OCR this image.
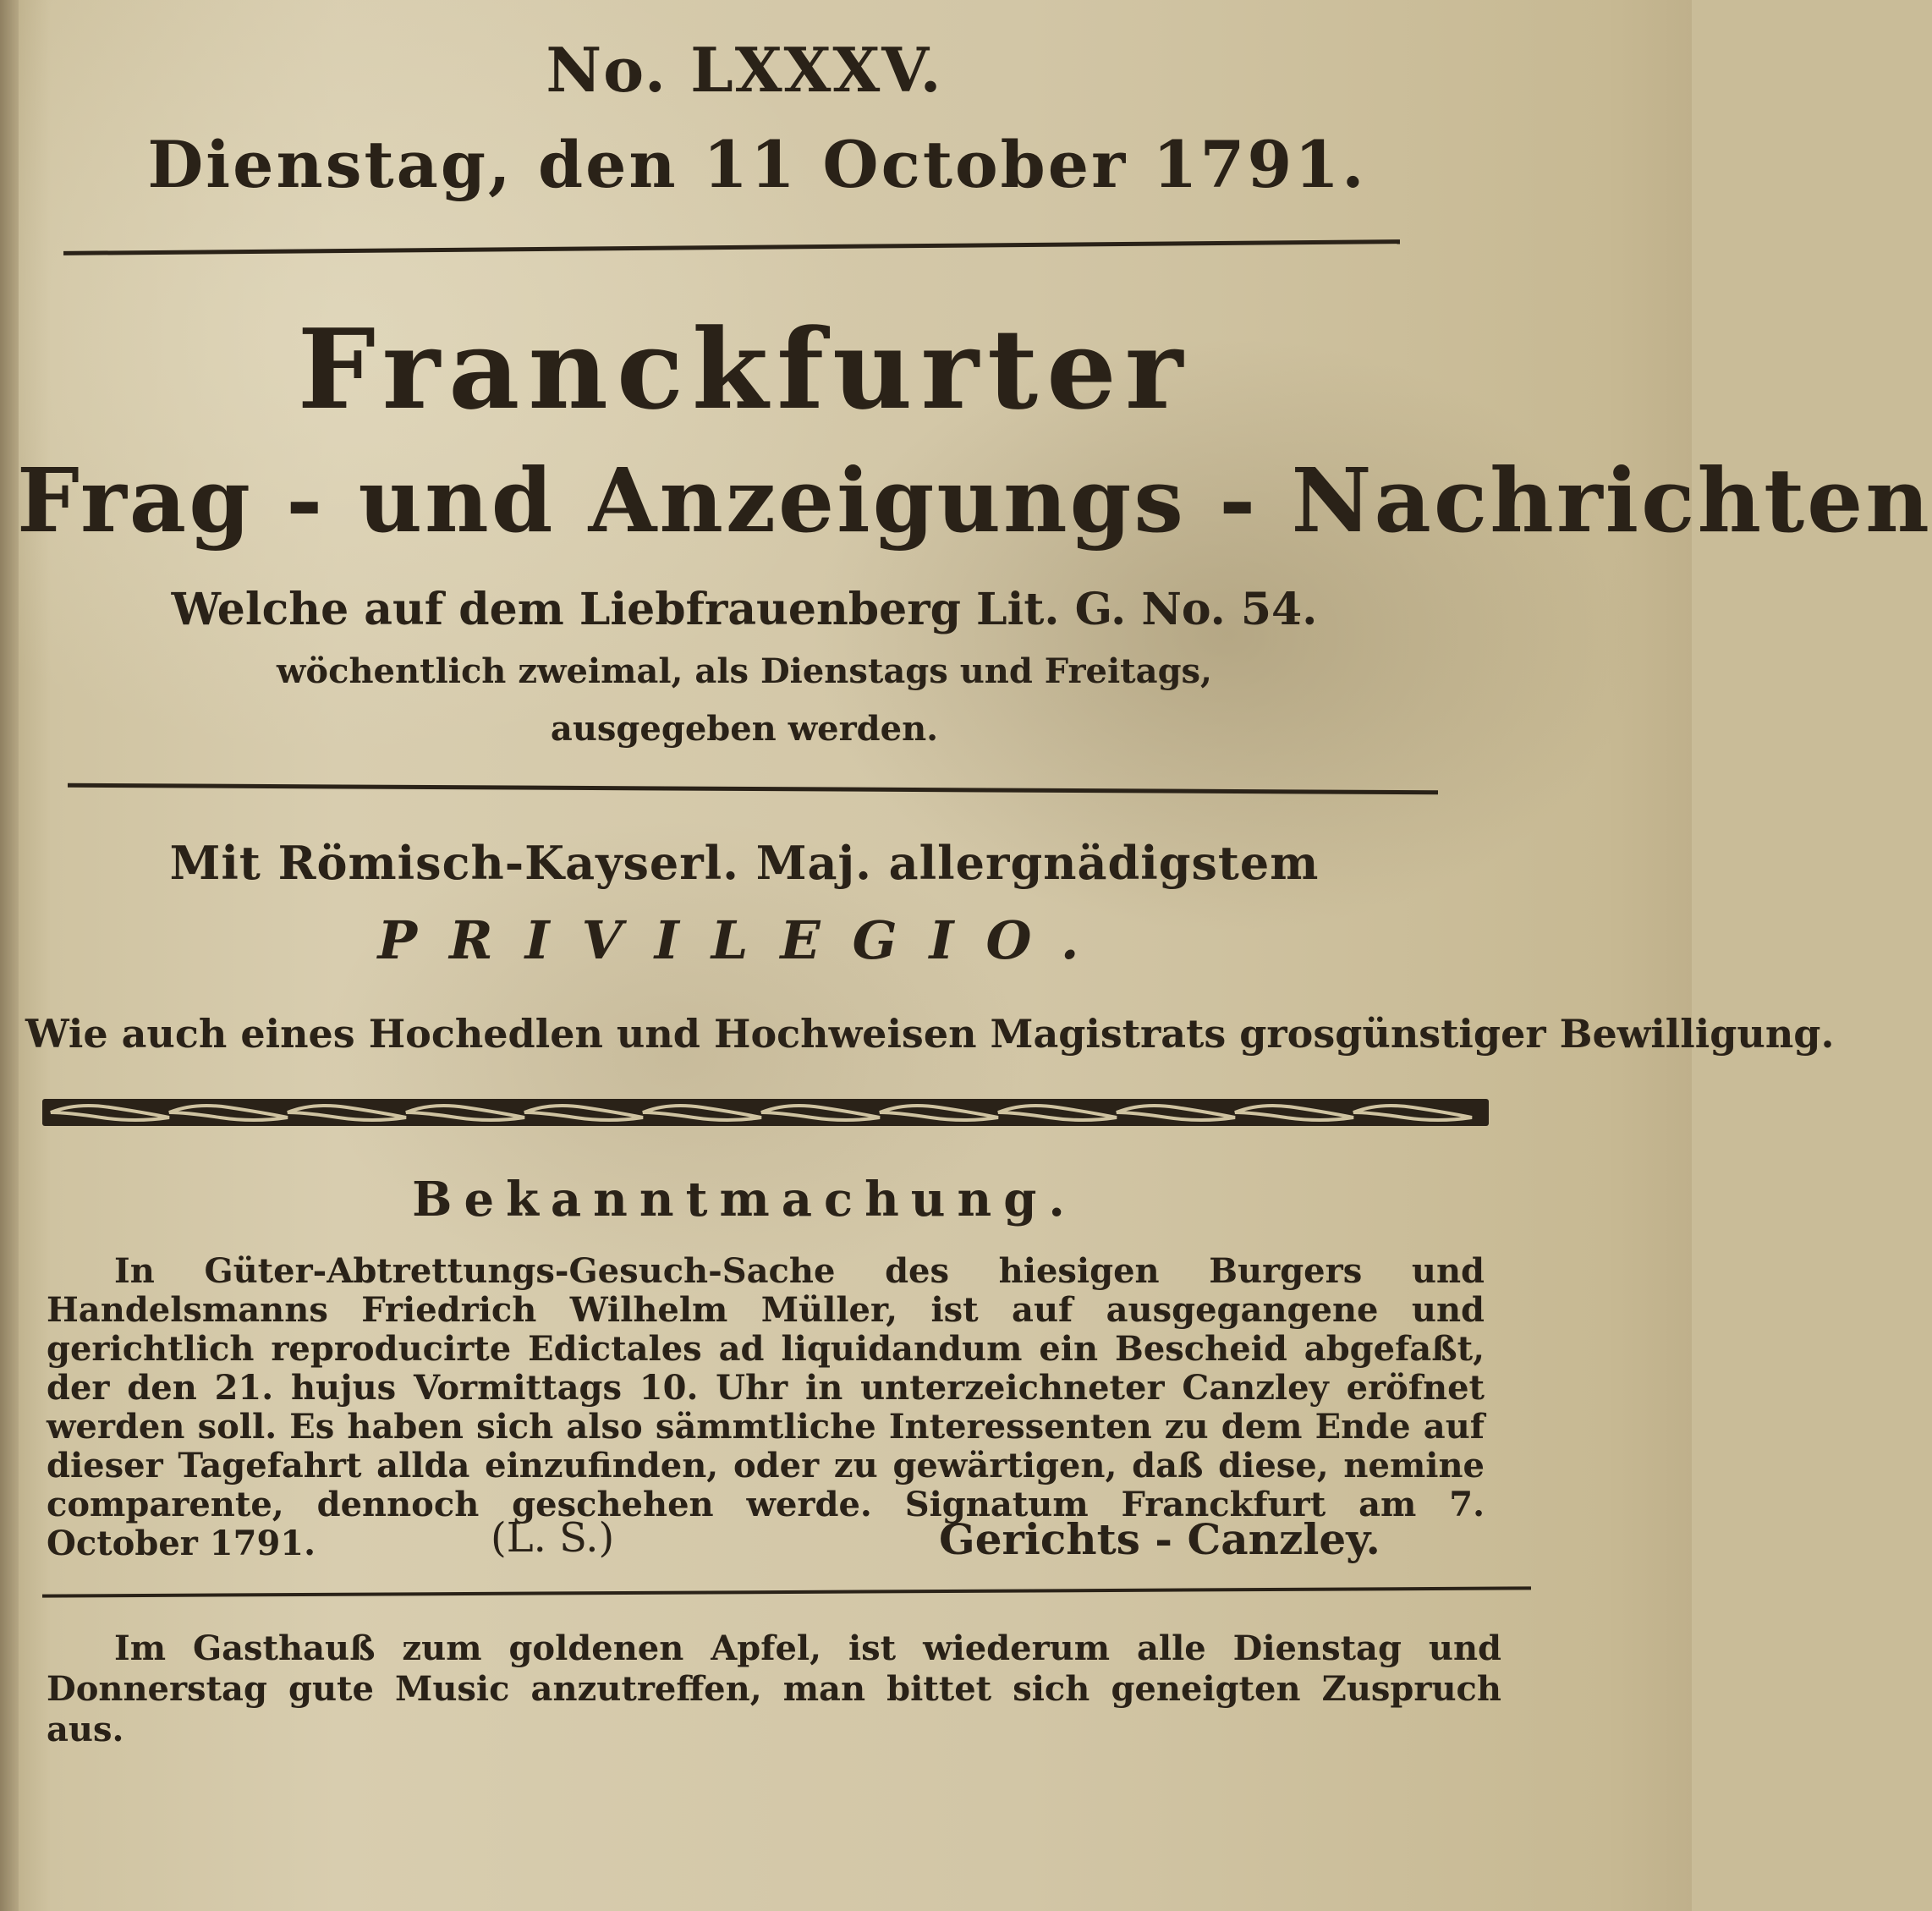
No. LXXXV.
Dienstag, den 11 October 1791.
Franckfurter
Frag - und Anzeigungs - Nachrichten
Welche auf dem Liebfrauenberg Lit. G. No. 54.
wöchentlich zweimal, als Dienstags und Freitags,
ausgegeben werden.
Mit Römisch-Kayserl. Maj. allergnädigstem
PRIVILEGIO.
Wie auch eines Hochedlen und Hochweisen Magistrats grosgünstiger Bewilligung.
Bekanntmachung.
In Güter-Abtrettungs-Gesuch-Sache des hiesigen Burgers und Handelsmanns Friedrich Wilhelm Müller, ist auf ausgegangene und gerichtlich reproducirte Edictales ad liquidandum ein Bescheid abgefaßt, der den 21. hujus Vormittags 10. Uhr in unterzeichneter Canzley eröfnet werden soll. Es haben sich also sämmtliche Interessenten zu dem Ende auf dieser Tagefahrt allda einzufinden, oder zu gewärtigen, daß diese, nemine comparente, dennoch geschehen werde. Signatum Franckfurt am 7. October 1791.	(L. S.)	Gerichts - Canzley.
Im Gasthauß zum goldenen Apfel, ist wiederum alle Dienstag und Donnerstag gute Music anzutreffen, man bittet sich geneigten Zuspruch aus.
